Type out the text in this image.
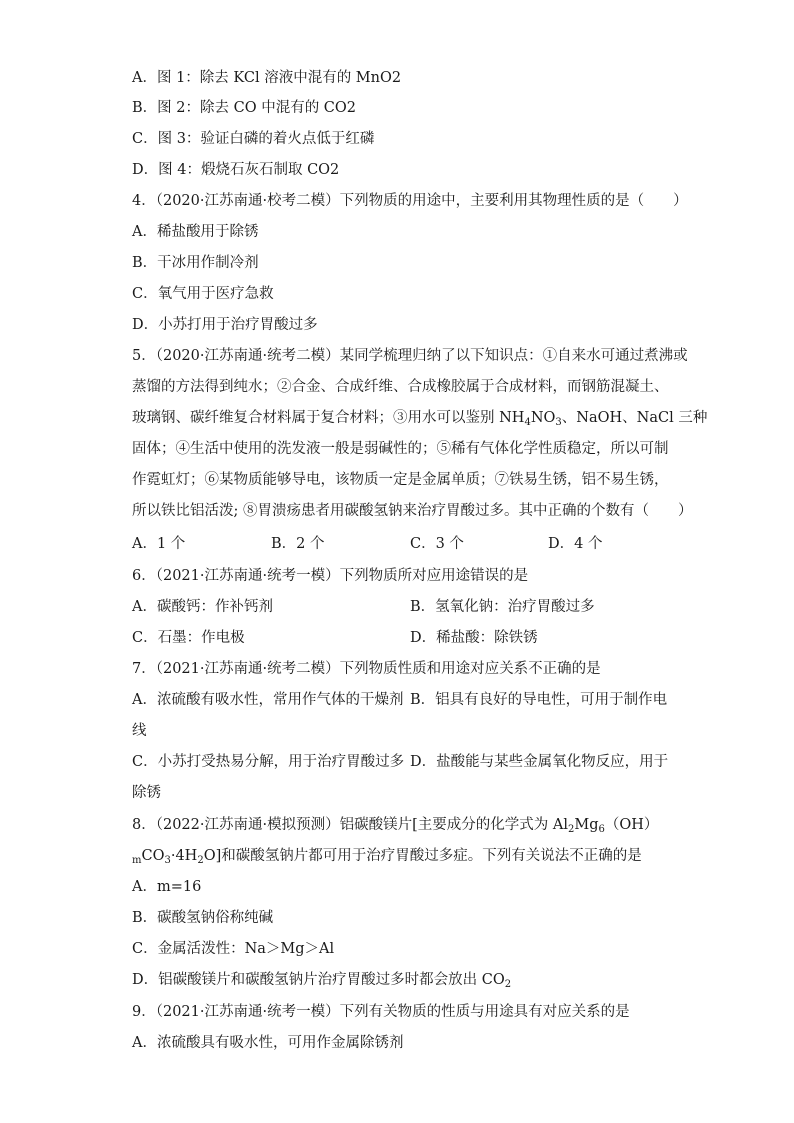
A．图 1：除去 KCl 溶液中混有的 MnO2
B．图 2：除去 CO 中混有的 CO2
C．图 3：验证白磷的着火点低于红磷
D．图 4：煅烧石灰石制取 CO2
4．（2020·江苏南通·校考二模）下列物质的用途中，主要利用其物理性质的是（　　）
A．稀盐酸用于除锈
B．干冰用作制冷剂
C．氧气用于医疗急救
D．小苏打用于治疗胃酸过多
5．（2020·江苏南通·统考二模）某同学梳理归纳了以下知识点：①自来水可通过煮沸或
蒸馏的方法得到纯水；②合金、合成纤维、合成橡胶属于合成材料，而钢筋混凝土、
玻璃钢、碳纤维复合材料属于复合材料；③用水可以鉴别 $NH_4NO_3$、NaOH、NaCl 三种
固体；④生活中使用的洗发液一般是弱碱性的；⑤稀有气体化学性质稳定，所以可制
作霓虹灯；⑥某物质能够导电，该物质一定是金属单质；⑦铁易生锈，铝不易生锈，
所以铁比铝活泼; ⑧胃溃疡患者用碳酸氢钠来治疗胃酸过多。其中正确的个数有（　　）
A．1 个	B．2 个	C．3 个	D．4 个
6．（2021·江苏南通·统考一模）下列物质所对应用途错误的是
A．碳酸钙：作补钙剂	B．氢氧化钠：治疗胃酸过多
C．石墨：作电极	D．稀盐酸：除铁锈
7．（2021·江苏南通·统考二模）下列物质性质和用途对应关系不正确的是
A．浓硫酸有吸水性，常用作气体的干燥剂 B．铝具有良好的导电性，可用于制作电
线
C．小苏打受热易分解，用于治疗胃酸过多 D．盐酸能与某些金属氧化物反应，用于
除锈
8．（2022·江苏南通·模拟预测）铝碳酸镁片[主要成分的化学式为 $Al_2Mg_6(OH)$
$_mCO_3\cdot 4H_2O$]和碳酸氢钠片都可用于治疗胃酸过多症。下列有关说法不正确的是
A．m=16
B．碳酸氢钠俗称纯碱
C．金属活泼性：Na＞Mg＞Al
D．铝碳酸镁片和碳酸氢钠片治疗胃酸过多时都会放出 $CO_2$
9．（2021·江苏南通·统考一模）下列有关物质的性质与用途具有对应关系的是
A．浓硫酸具有吸水性，可用作金属除锈剂
